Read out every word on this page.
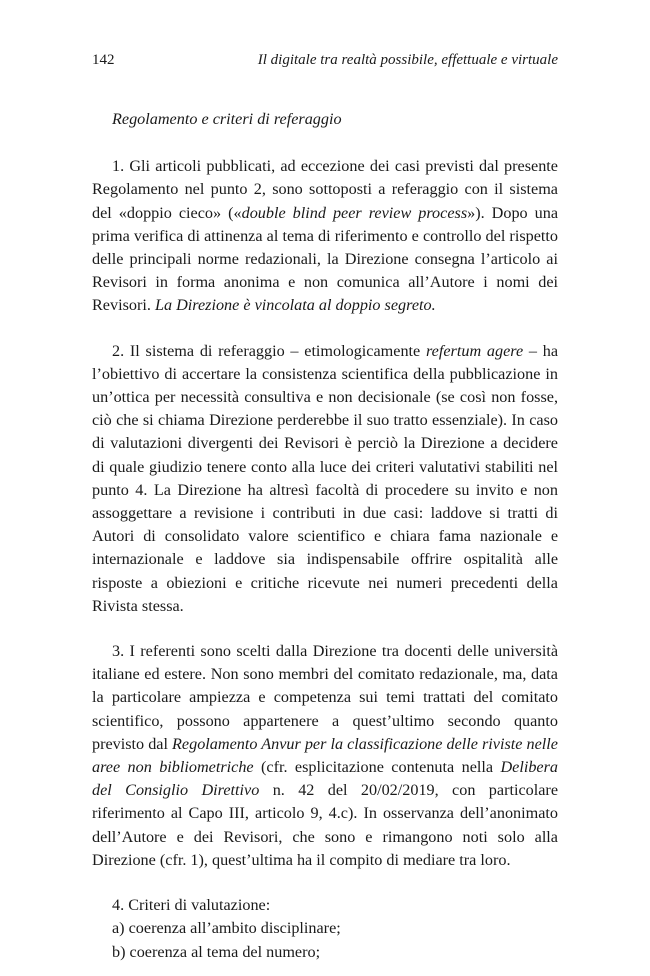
142	Il digitale tra realtà possibile, effettuale e virtuale

Regolamento e criteri di referaggio

1. Gli articoli pubblicati, ad eccezione dei casi previsti dal presente Regolamento nel punto 2, sono sottoposti a referaggio con il sistema del «doppio cieco» («double blind peer review process»). Dopo una prima verifica di attinenza al tema di riferimento e controllo del rispetto delle principali norme redazionali, la Direzione consegna l’articolo ai Revisori in forma anonima e non comunica all’Autore i nomi dei Revisori. La Direzione è vincolata al doppio segreto.

2. Il sistema di referaggio – etimologicamente refertum agere – ha l’obiettivo di accertare la consistenza scientifica della pubblicazione in un’ottica per necessità consultiva e non decisionale (se così non fosse, ciò che si chiama Direzione perderebbe il suo tratto essenziale). In caso di valutazioni divergenti dei Revisori è perciò la Direzione a decidere di quale giudizio tenere conto alla luce dei criteri valutativi stabiliti nel punto 4. La Direzione ha altresì facoltà di procedere su invito e non assoggettare a revisione i contributi in due casi: laddove si tratti di Autori di consolidato valore scientifico e chiara fama nazionale e internazionale e laddove sia indispensabile offrire ospitalità alle risposte a obiezioni e critiche ricevute nei numeri precedenti della Rivista stessa.

3. I referenti sono scelti dalla Direzione tra docenti delle università italiane ed estere. Non sono membri del comitato redazionale, ma, data la particolare ampiezza e competenza sui temi trattati del comitato scientifico, possono appartenere a quest’ultimo secondo quanto previsto dal Regolamento Anvur per la classificazione delle riviste nelle aree non bibliometriche (cfr. esplicitazione contenuta nella Delibera del Consiglio Direttivo n. 42 del 20/02/2019, con particolare riferimento al Capo III, articolo 9, 4.c). In osservanza dell’anonimato dell’Autore e dei Revisori, che sono e rimangono noti solo alla Direzione (cfr. 1), quest’ultima ha il compito di mediare tra loro.

4. Criteri di valutazione:
a) coerenza all’ambito disciplinare;
b) coerenza al tema del numero;
